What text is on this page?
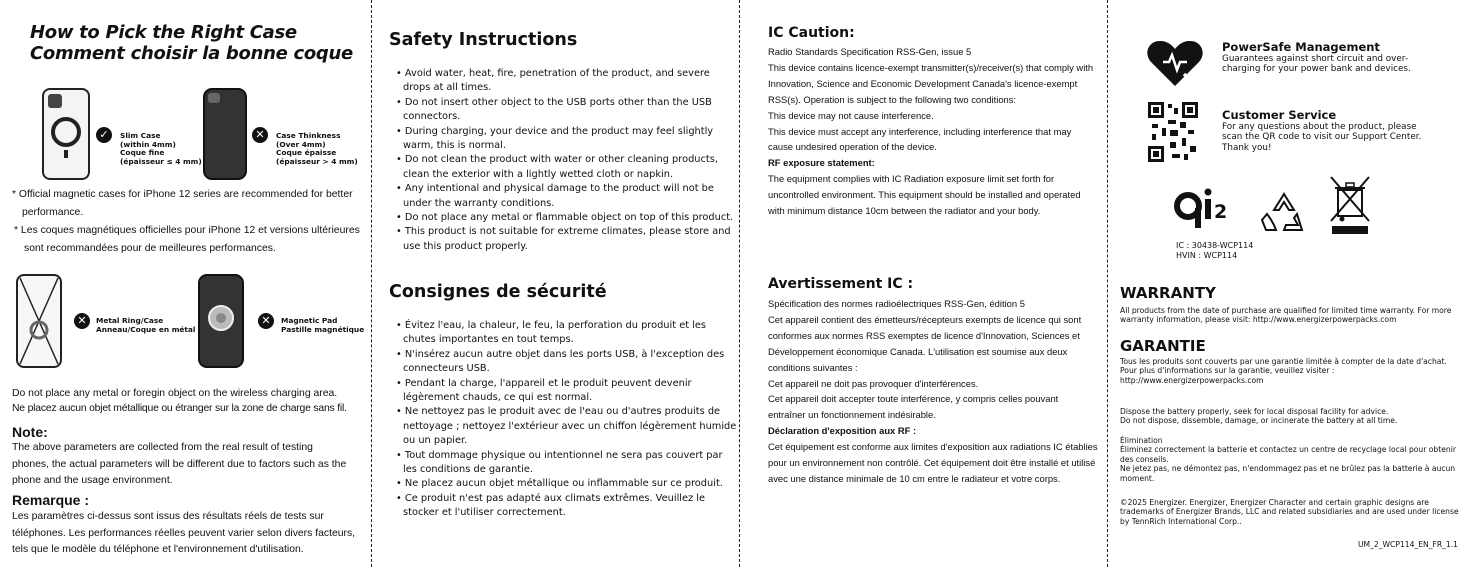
How to Pick the Right Case
Comment choisir la bonne coque
✓	Slim Case
(within 4mm)
Coque fine
(épaisseur ≤ 4 mm)
✕	Case Thinkness
(Over 4mm)
Coque épaisse
(épaisseur > 4 mm)
* Official magnetic cases for iPhone 12 series are recommended for better performance.
* Les coques magnétiques officielles pour iPhone 12 et versions ultérieures sont recommandées pour de meilleures performances.
✕	Metal Ring/Case
Anneau/Coque en métal
✕	Magnetic Pad
Pastille magnétique
Do not place any metal or foregin object on the wireless charging area.
Ne placez aucun objet métallique ou étranger sur la zone de charge sans fil.
Note:
The above parameters are collected from the real result of testing phones, the actual parameters will be different due to factors such as the phone and the usage environment.
Remarque :
Les paramètres ci-dessus sont issus des résultats réels de tests sur téléphones. Les performances réelles peuvent varier selon divers facteurs, tels que le modèle du téléphone et l'environnement d'utilisation.
Safety Instructions
• Avoid water, heat, fire, penetration of the product, and severe drops at all times.
• Do not insert other object to the USB ports other than the USB connectors.
• During charging, your device and the product may feel slightly warm, this is normal.
• Do not clean the product with water or other cleaning products, clean the exterior with a lightly wetted cloth or napkin.
• Any intentional and physical damage to the product will not be under the warranty conditions.
• Do not place any metal or flammable object on top of this product.
• This product is not suitable for extreme climates, please store and use this product properly.
Consignes de sécurité
• Évitez l'eau, la chaleur, le feu, la perforation du produit et les chutes importantes en tout temps.
• N'insérez aucun autre objet dans les ports USB, à l'exception des connecteurs USB.
• Pendant la charge, l'appareil et le produit peuvent devenir légèrement chauds, ce qui est normal.
• Ne nettoyez pas le produit avec de l'eau ou d'autres produits de nettoyage ; nettoyez l'extérieur avec un chiffon légèrement humide ou un papier.
• Tout dommage physique ou intentionnel ne sera pas couvert par les conditions de garantie.
• Ne placez aucun objet métallique ou inflammable sur ce produit.
• Ce produit n'est pas adapté aux climats extrêmes. Veuillez le stocker et l'utiliser correctement.
IC Caution:

Radio Standards Specification RSS-Gen, issue 5

This device contains licence-exempt transmitter(s)/receiver(s) that comply with Innovation, Science and Economic Development Canada's licence-exempt RSS(s). Operation is subject to the following two conditions:

This device may not cause interference.

This device must accept any interference, including interference that may cause undesired operation of the device.

RF exposure statement:

The equipment complies with IC Radiation exposure limit set forth for uncontrolled environment. This equipment should be installed and operated with minimum distance 10cm between the radiator and your body.

Avertissement IC :

Spécification des normes radioélectriques RSS-Gen, édition 5

Cet appareil contient des émetteurs/récepteurs exempts de licence qui sont conformes aux normes RSS exemptes de licence d'Innovation, Sciences et Développement économique Canada. L'utilisation est soumise aux deux conditions suivantes :

Cet appareil ne doit pas provoquer d'interférences.

Cet appareil doit accepter toute interférence, y compris celles pouvant entraîner un fonctionnement indésirable.

Déclaration d'exposition aux RF :

Cet équipement est conforme aux limites d'exposition aux radiations IC établies pour un environnement non contrôlé. Cet équipement doit être installé et utilisé avec une distance minimale de 10 cm entre le radiateur et votre corps.

PowerSafe Management
Guarantees against short circuit and over-charging for your power bank and devices.
Customer Service
For any questions about the product, please scan the QR code to visit our Support Center. Thank you!
2
IC : 30438-WCP114
HVIN : WCP114
WARRANTY
All products from the date of purchase are qualified for limited time warranty. For more warranty information, please visit: http://www.energizerpowerpacks.com
GARANTIE

Tous les produits sont couverts par une garantie limitée à compter de la date d'achat.

Pour plus d'informations sur la garantie, veuillez visiter : http://www.energizerpowerpacks.com

Dispose the battery properly, seek for local disposal facility for advice.

Do not dispose, dissemble, damage, or incinerate the battery at all time.

Élimination

Éliminez correctement la batterie et contactez un centre de recyclage local pour obtenir des conseils.

Ne jetez pas, ne démontez pas, n'endommagez pas et ne brûlez pas la batterie à aucun moment.

©2025 Energizer. Energizer, Energizer Character and certain graphic designs are trademarks of Energizer Brands, LLC and related subsidiaries and are used under license by TennRich International Corp..
UM_2_WCP114_EN_FR_1.1
